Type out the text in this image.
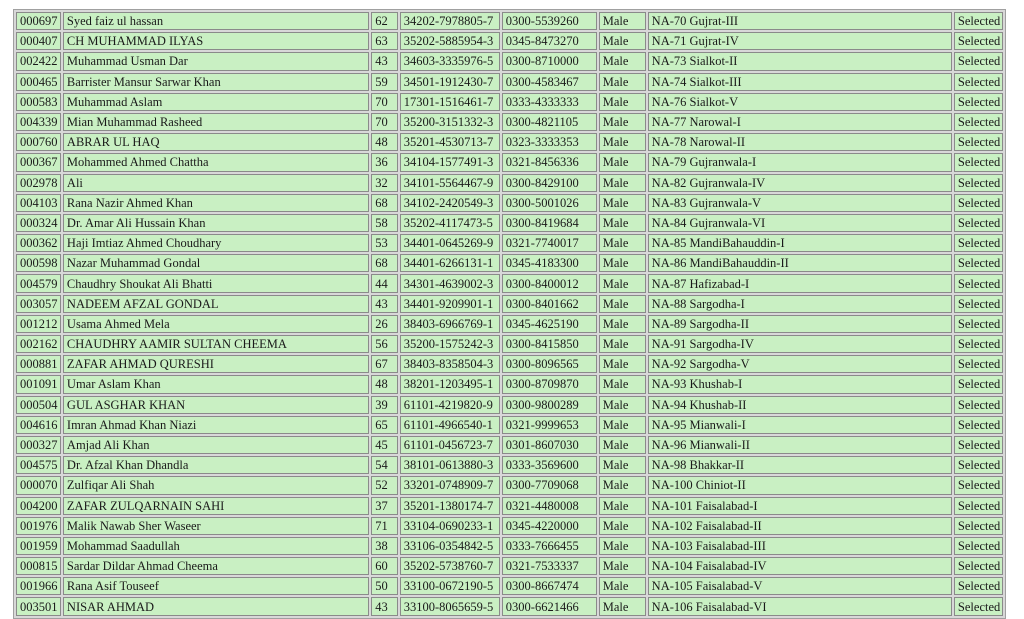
000697	Syed faiz ul hassan	62	34202-7978805-7	0300-5539260	Male	NA-70 Gujrat-III	Selected
000407	CH MUHAMMAD ILYAS	63	35202-5885954-3	0345-8473270	Male	NA-71 Gujrat-IV	Selected
002422	Muhammad Usman Dar	43	34603-3335976-5	0300-8710000	Male	NA-73 Sialkot-II	Selected
000465	Barrister Mansur Sarwar Khan	59	34501-1912430-7	0300-4583467	Male	NA-74 Sialkot-III	Selected
000583	Muhammad Aslam	70	17301-1516461-7	0333-4333333	Male	NA-76 Sialkot-V	Selected
004339	Mian Muhammad Rasheed	70	35200-3151332-3	0300-4821105	Male	NA-77 Narowal-I	Selected
000760	ABRAR UL HAQ	48	35201-4530713-7	0323-3333353	Male	NA-78 Narowal-II	Selected
000367	Mohammed Ahmed Chattha	36	34104-1577491-3	0321-8456336	Male	NA-79 Gujranwala-I	Selected
002978	Ali	32	34101-5564467-9	0300-8429100	Male	NA-82 Gujranwala-IV	Selected
004103	Rana Nazir Ahmed Khan	68	34102-2420549-3	0300-5001026	Male	NA-83 Gujranwala-V	Selected
000324	Dr. Amar Ali Hussain Khan	58	35202-4117473-5	0300-8419684	Male	NA-84 Gujranwala-VI	Selected
000362	Haji Imtiaz Ahmed Choudhary	53	34401-0645269-9	0321-7740017	Male	NA-85 MandiBahauddin-I	Selected
000598	Nazar Muhammad Gondal	68	34401-6266131-1	0345-4183300	Male	NA-86 MandiBahauddin-II	Selected
004579	Chaudhry Shoukat Ali Bhatti	44	34301-4639002-3	0300-8400012	Male	NA-87 Hafizabad-I	Selected
003057	NADEEM AFZAL GONDAL	43	34401-9209901-1	0300-8401662	Male	NA-88 Sargodha-I	Selected
001212	Usama Ahmed Mela	26	38403-6966769-1	0345-4625190	Male	NA-89 Sargodha-II	Selected
002162	CHAUDHRY AAMIR SULTAN CHEEMA	56	35200-1575242-3	0300-8415850	Male	NA-91 Sargodha-IV	Selected
000881	ZAFAR AHMAD QURESHI	67	38403-8358504-3	0300-8096565	Male	NA-92 Sargodha-V	Selected
001091	Umar Aslam Khan	48	38201-1203495-1	0300-8709870	Male	NA-93 Khushab-I	Selected
000504	GUL ASGHAR KHAN	39	61101-4219820-9	0300-9800289	Male	NA-94 Khushab-II	Selected
004616	Imran Ahmad Khan Niazi	65	61101-4966540-1	0321-9999653	Male	NA-95 Mianwali-I	Selected
000327	Amjad Ali Khan	45	61101-0456723-7	0301-8607030	Male	NA-96 Mianwali-II	Selected
004575	Dr. Afzal Khan Dhandla	54	38101-0613880-3	0333-3569600	Male	NA-98 Bhakkar-II	Selected
000070	Zulfiqar Ali Shah	52	33201-0748909-7	0300-7709068	Male	NA-100 Chiniot-II	Selected
004200	ZAFAR ZULQARNAIN SAHI	37	35201-1380174-7	0321-4480008	Male	NA-101 Faisalabad-I	Selected
001976	Malik Nawab Sher Waseer	71	33104-0690233-1	0345-4220000	Male	NA-102 Faisalabad-II	Selected
001959	Mohammad Saadullah	38	33106-0354842-5	0333-7666455	Male	NA-103 Faisalabad-III	Selected
000815	Sardar Dildar Ahmad Cheema	60	35202-5738760-7	0321-7533337	Male	NA-104 Faisalabad-IV	Selected
001966	Rana Asif Touseef	50	33100-0672190-5	0300-8667474	Male	NA-105 Faisalabad-V	Selected
003501	NISAR AHMAD	43	33100-8065659-5	0300-6621466	Male	NA-106 Faisalabad-VI	Selected
